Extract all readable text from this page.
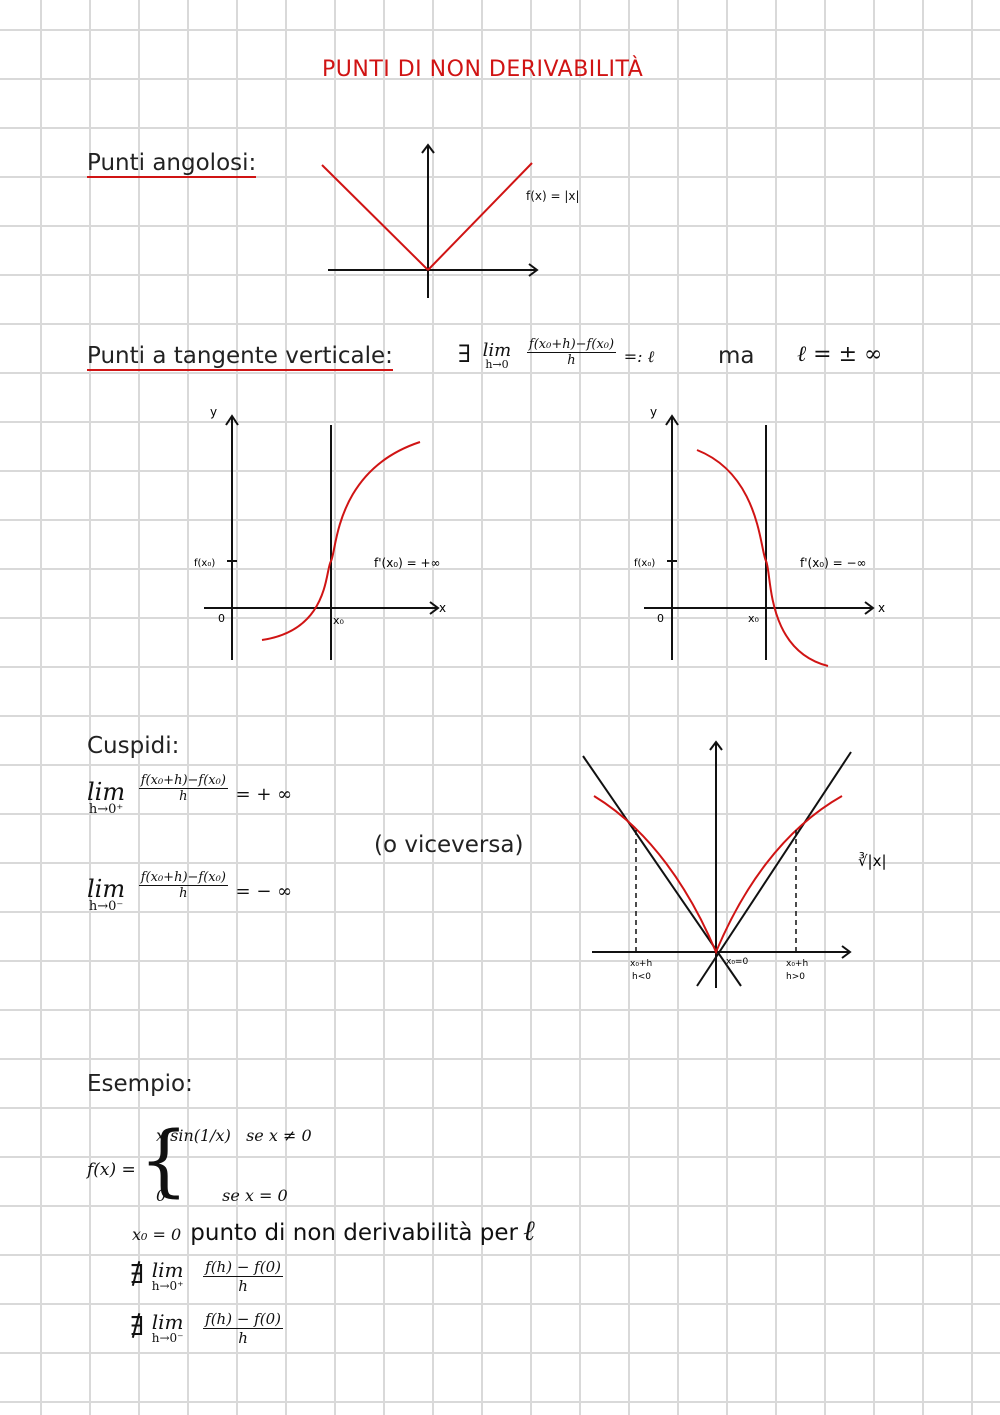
PUNTI DI NON DERIVABILITÀ
Punti angolosi:
f(x) = |x|
Punti a tangente verticale:	∃ lim
h→0
$\frac{\text{f(x₀+h)−f(x₀)}}{h}$ =: ℓ	ma ℓ = ± ∞
y
x
0	x₀
f(x₀)	f'(x₀) = +∞
y
x
0	x₀
f(x₀)	f'(x₀) = −∞
Cuspidi:
lim
h→0⁺

$\frac{\text{f(x₀+h)−f(x₀)}}{h}$ = + ∞
(o viceversa)
lim
h→0⁻

$\frac{\text{f(x₀+h)−f(x₀)}}{h}$ = − ∞
x₀+h
h<0
x₀=0	x₀+h
h>0
∛|x|
Esempio:
f(x) = {
x sin(1/x)   se x ≠ 0
0           se x = 0
x₀ = 0 punto di non derivabilità per ℓ
∄ lim
h→0⁺
$\frac{f(h) - f(0)}{h}$
∄ lim
h→0⁻
$\frac{f(h) - f(0)}{h}$
